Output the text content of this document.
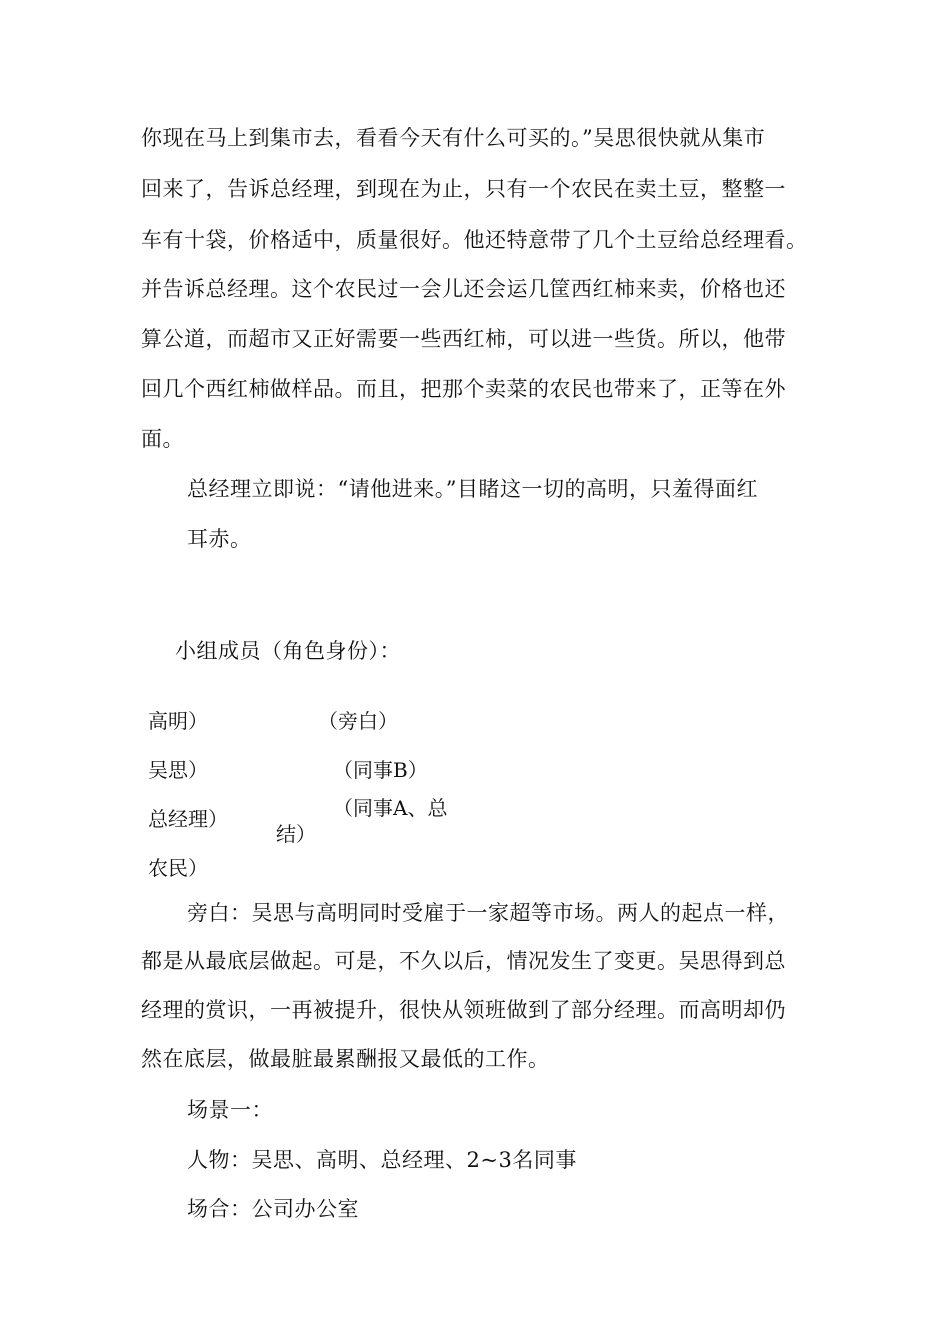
你现在马上到集市去，看看今天有什么可买的。”吴思很快就从集市
回来了，告诉总经理，到现在为止，只有一个农民在卖土豆，整整一
车有十袋，价格适中，质量很好。他还特意带了几个土豆给总经理看。
并告诉总经理。这个农民过一会儿还会运几筐西红柿来卖，价格也还
算公道，而超市又正好需要一些西红柿，可以进一些货。所以，他带
回几个西红柿做样品。而且，把那个卖菜的农民也带来了，正等在外
面。
总经理立即说：“请他进来。”目睹这一切的高明，只羞得面红
耳赤。
小组成员（角色身份）：
高明）	（旁白）
吴思）	（同事B）
总经理）	（同事A、总
结）
农民）
旁白：吴思与高明同时受雇于一家超等市场。两人的起点一样，
都是从最底层做起。可是，不久以后，情况发生了变更。吴思得到总
经理的赏识，一再被提升，很快从领班做到了部分经理。而高明却仍
然在底层，做最脏最累酬报又最低的工作。
场景一：
人物：吴思、高明、总经理、2~3名同事
场合：公司办公室
